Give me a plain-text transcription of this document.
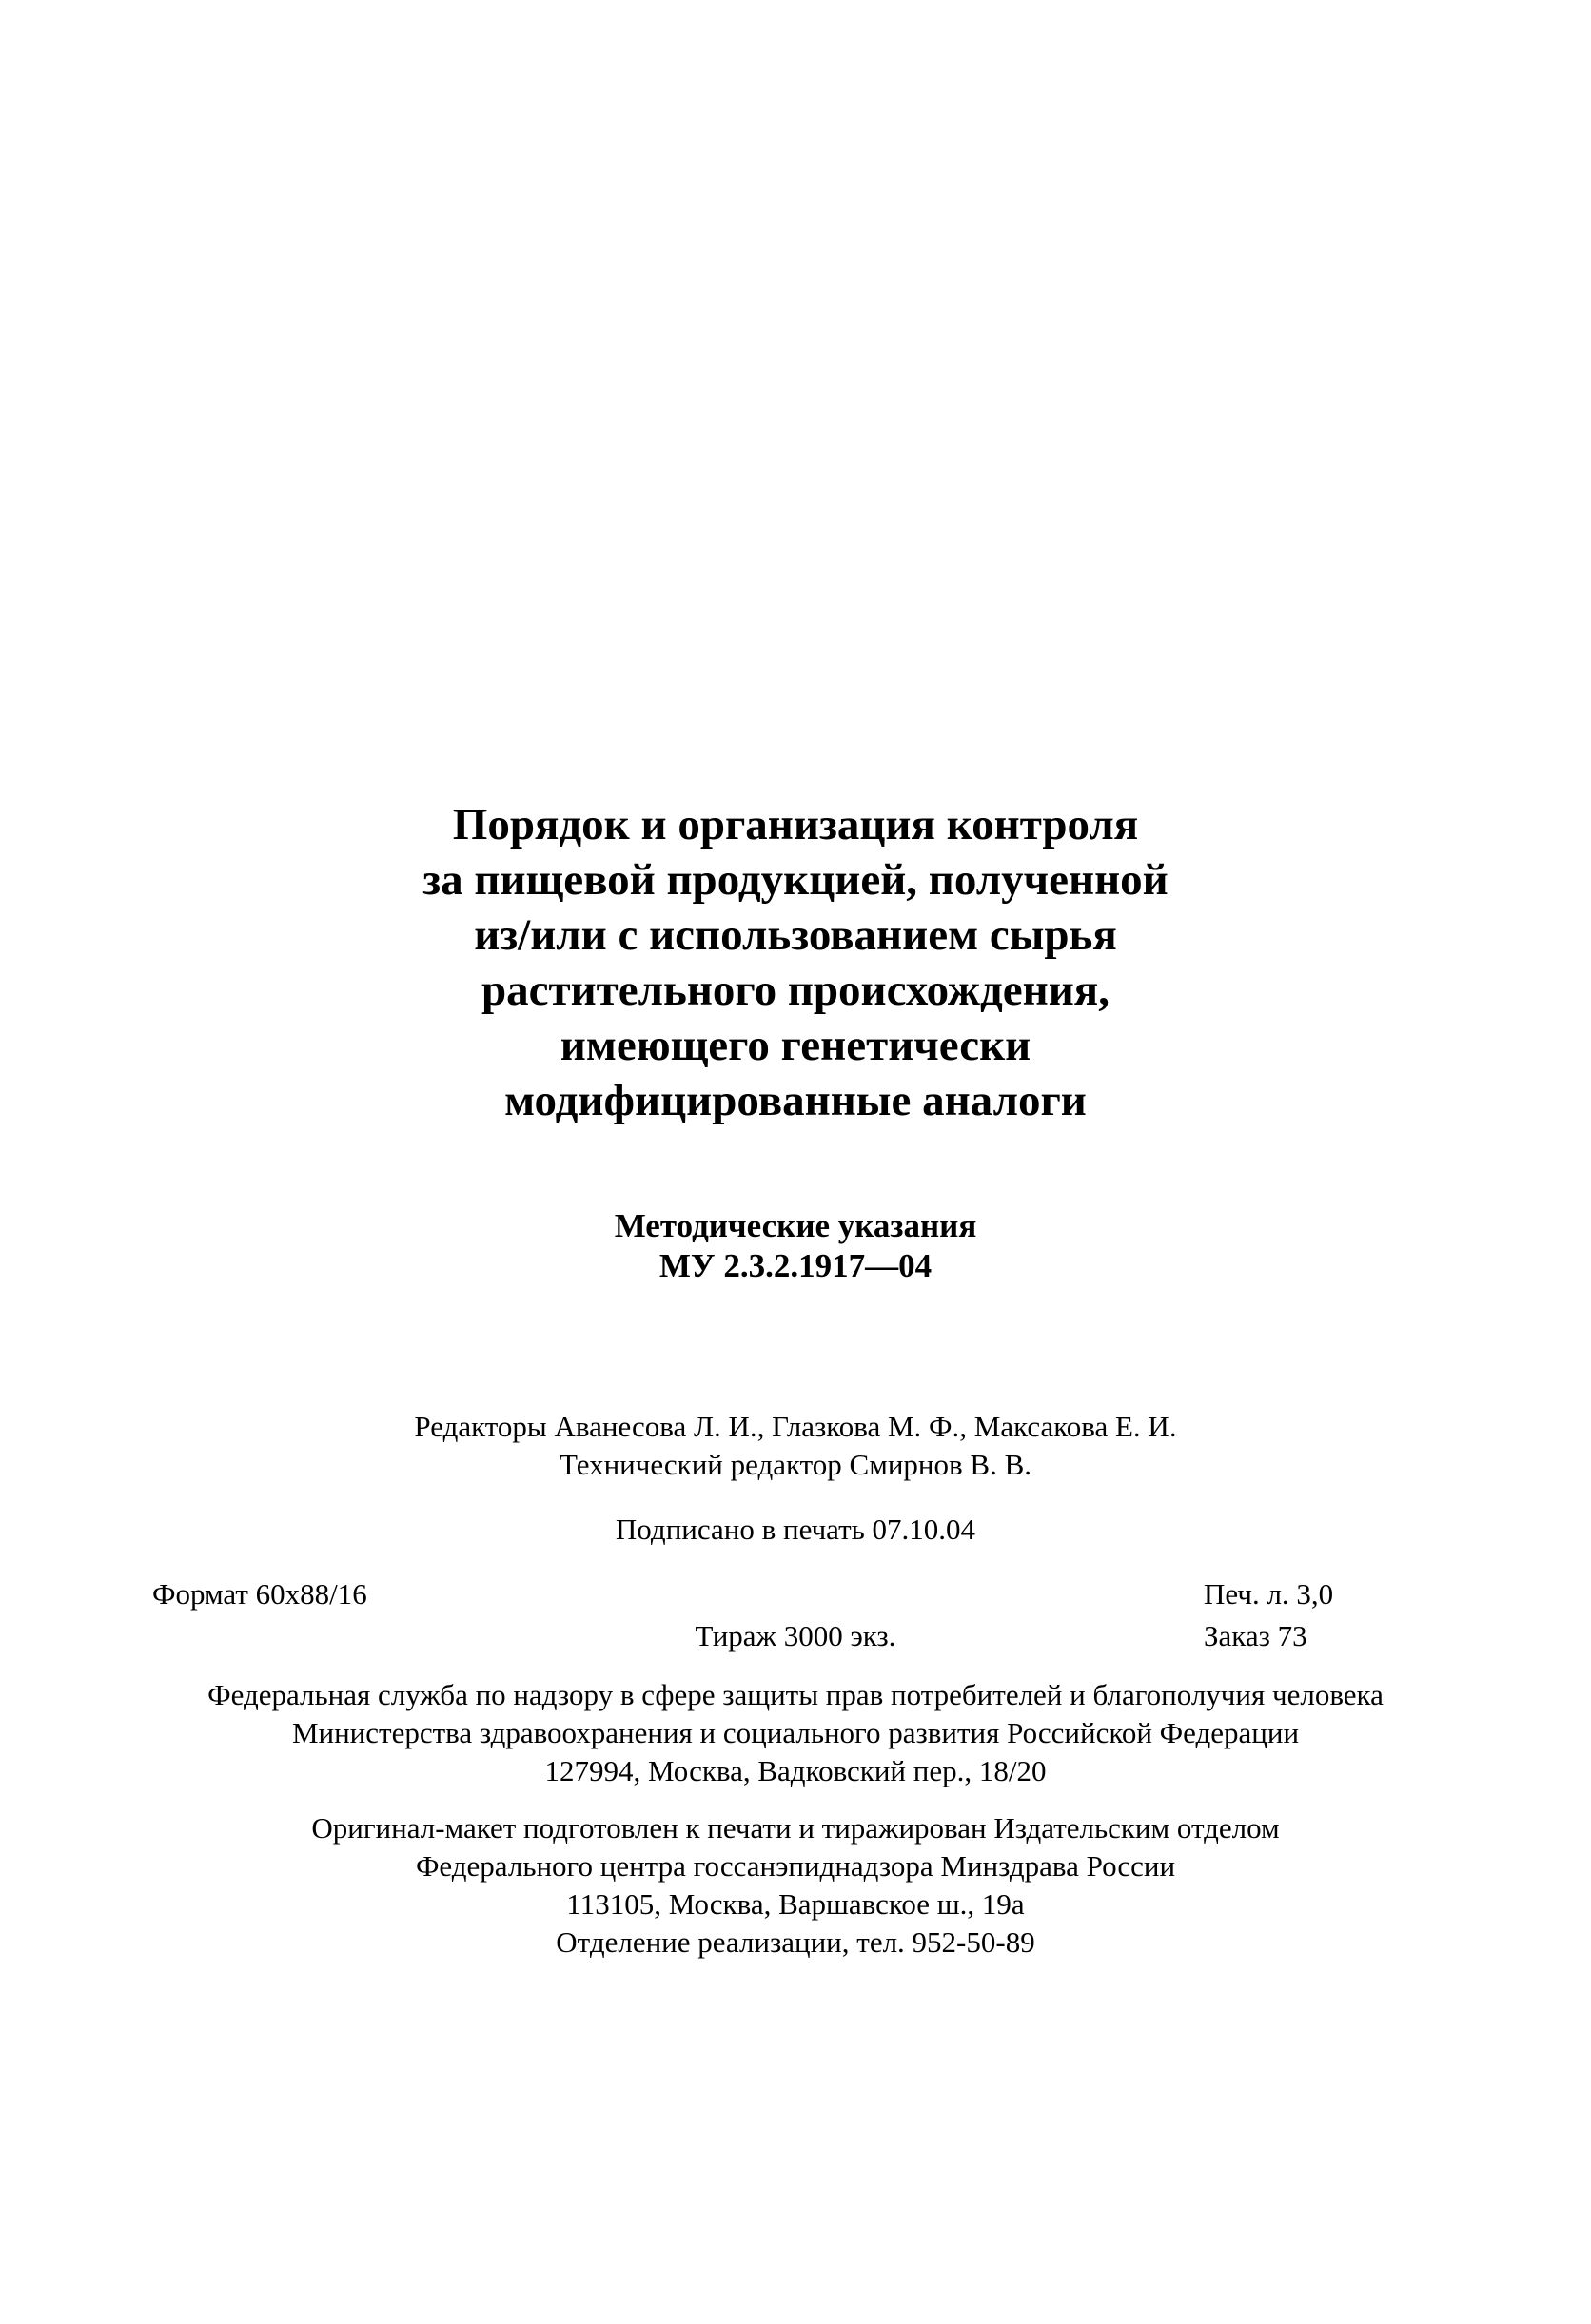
Порядок и организация контроля
за пищевой продукцией, полученной
из/или с использованием сырья
растительного происхождения,
имеющего генетически
модифицированные аналоги
Методические указания
МУ 2.3.2.1917—04
Редакторы Аванесова Л. И., Глазкова М. Ф., Максакова Е. И.
Технический редактор Смирнов В. В.
Подписано в печать 07.10.04
Формат 60x88/16	Печ. л. 3,0
Тираж 3000 экз.	Заказ 73
Федеральная служба по надзору в сфере защиты прав потребителей и благополучия человека
Министерства здравоохранения и социального развития Российской Федерации
127994, Москва, Вадковский пер., 18/20
Оригинал-макет подготовлен к печати и тиражирован Издательским отделом
Федерального центра госсанэпиднадзора Минздрава России
113105, Москва, Варшавское ш., 19а
Отделение реализации, тел. 952-50-89
